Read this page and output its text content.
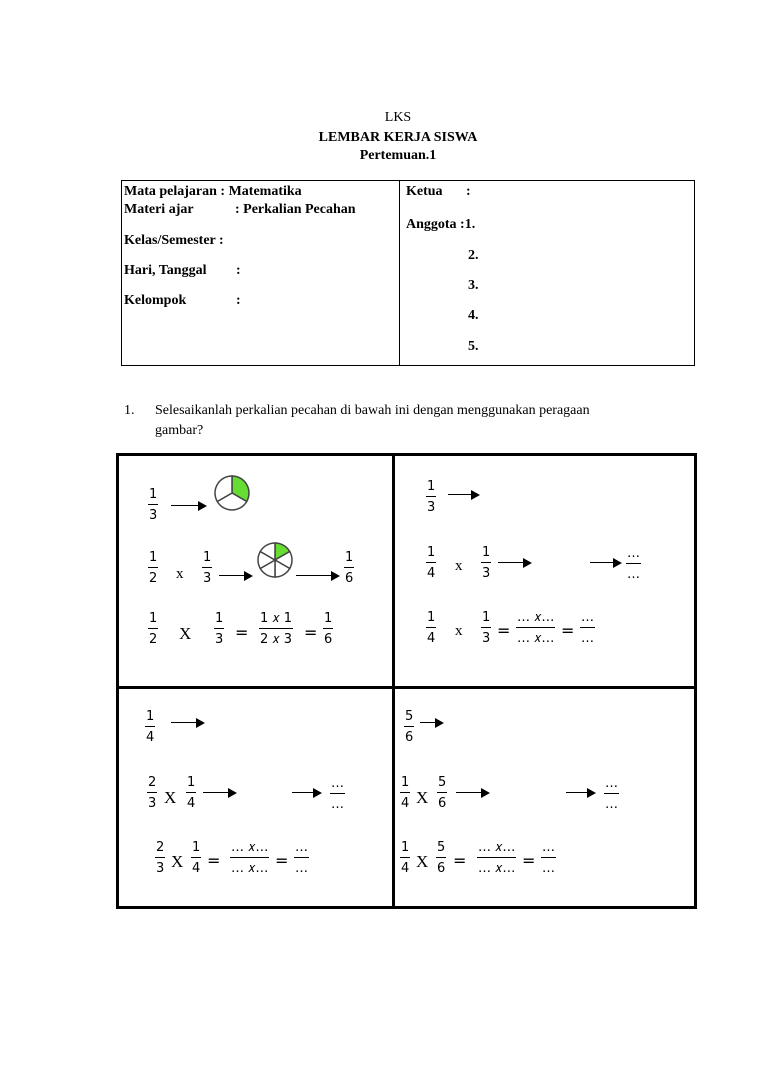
LKS
LEMBAR KERJA SISWA
Pertemuan.1
Mata pelajaran : Matematika
Materi ajar	: Perkalian Pecahan
Kelas/Semester :
Hari, Tanggal :
Kelompok	:
Ketua :
Anggota :1.
2.
3.
4.
5.
1. Selesaikanlah perkalian pecahan di bawah ini dengan menggunakan peragaan
gambar?
1
3
1
2 x
1
3
1
6
1
2 X
1
3 =
1 𝑥 1
2 𝑥 3 =
1
6
1
3
1
4 x
1
3
…
…
1
4 x
1
3 =
… 𝑥…
… 𝑥… =
…
…
1
4
2
3 X
1
4
…
…
2
3 X
1
4 =
… 𝑥…
… 𝑥… =
…
…
5
6
1
4 X
5
6
…
…
1
4 X
5
6 =
… 𝑥…
… 𝑥… =
…
…
